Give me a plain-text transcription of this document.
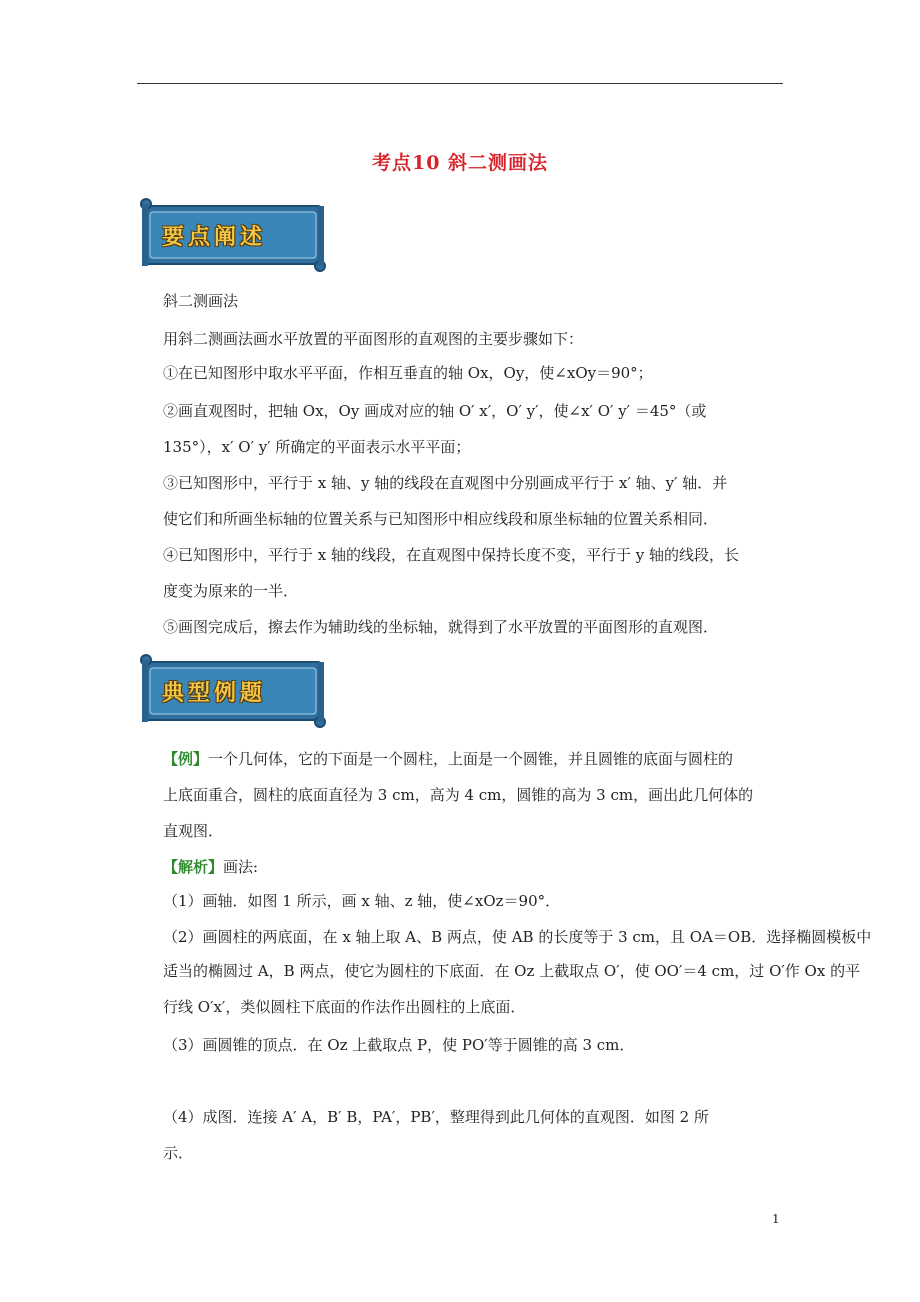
考点10 斜二测画法
要点阐述
斜二测画法
用斜二测画法画水平放置的平面图形的直观图的主要步骤如下：
①在已知图形中取水平平面，作相互垂直的轴 Ox，Oy，使∠xOy＝90°；
②画直观图时，把轴 Ox，Oy 画成对应的轴 O′ x′，O′ y′，使∠x′ O′ y′ ＝45°（或
135°），x′ O′ y′ 所确定的平面表示水平平面；
③已知图形中，平行于 x 轴、y 轴的线段在直观图中分别画成平行于 x′ 轴、y′ 轴．并
使它们和所画坐标轴的位置关系与已知图形中相应线段和原坐标轴的位置关系相同．
④已知图形中，平行于 x 轴的线段，在直观图中保持长度不变，平行于 y 轴的线段，长
度变为原来的一半．
⑤画图完成后，擦去作为辅助线的坐标轴，就得到了水平放置的平面图形的直观图．
典型例题
【例】一个几何体，它的下面是一个圆柱，上面是一个圆锥，并且圆锥的底面与圆柱的
上底面重合，圆柱的底面直径为 3 cm，高为 4 cm，圆锥的高为 3 cm，画出此几何体的
直观图．
【解析】画法:
（1）画轴．如图 1 所示，画 x 轴、z 轴，使∠xOz＝90°．
（2）画圆柱的两底面，在 x 轴上取 A、B 两点，使 AB 的长度等于 3 cm，且 OA＝OB．选择椭圆模板中
适当的椭圆过 A，B 两点，使它为圆柱的下底面．在 Oz 上截取点 O′，使 OO′＝4 cm，过 O′作 Ox 的平
行线 O′x′，类似圆柱下底面的作法作出圆柱的上底面．
（3）画圆锥的顶点．在 Oz 上截取点 P，使 PO′等于圆锥的高 3 cm．
（4）成图．连接 A′ A，B′ B，PA′，PB′，整理得到此几何体的直观图．如图 2 所
示．
1
